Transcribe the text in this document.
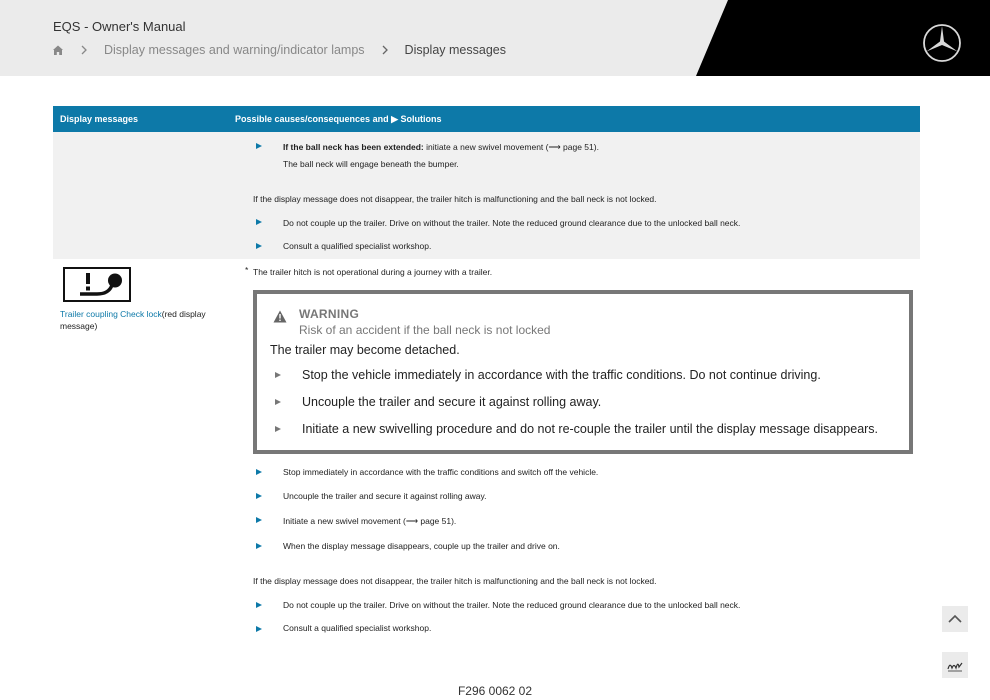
EQS - Owner's Manual
Display messages and warning/indicator lamps	Display messages
Display messages	Possible causes/consequences and ▶ Solutions
If the ball neck has been extended: initiate a new swivel movement (⟶ page 51).
The ball neck will engage beneath the bumper.
If the display message does not disappear, the trailer hitch is malfunctioning and the ball neck is not locked.
Do not couple up the trailer. Drive on without the trailer. Note the reduced ground clearance due to the unlocked ball neck.
Consult a qualified specialist workshop.
Trailer coupling Check lock(red display message)
* The trailer hitch is not operational during a journey with a trailer.
WARNING
Risk of an accident if the ball neck is not locked
The trailer may become detached.
Stop the vehicle immediately in accordance with the traffic conditions. Do not continue driving.
Uncouple the trailer and secure it against rolling away.
Initiate a new swivelling procedure and do not re-couple the trailer until the display message disappears.
Stop immediately in accordance with the traffic conditions and switch off the vehicle.
Uncouple the trailer and secure it against rolling away.
Initiate a new swivel movement (⟶ page 51).
When the display message disappears, couple up the trailer and drive on.
If the display message does not disappear, the trailer hitch is malfunctioning and the ball neck is not locked.
Do not couple up the trailer. Drive on without the trailer. Note the reduced ground clearance due to the unlocked ball neck.
Consult a qualified specialist workshop.
F296 0062 02
